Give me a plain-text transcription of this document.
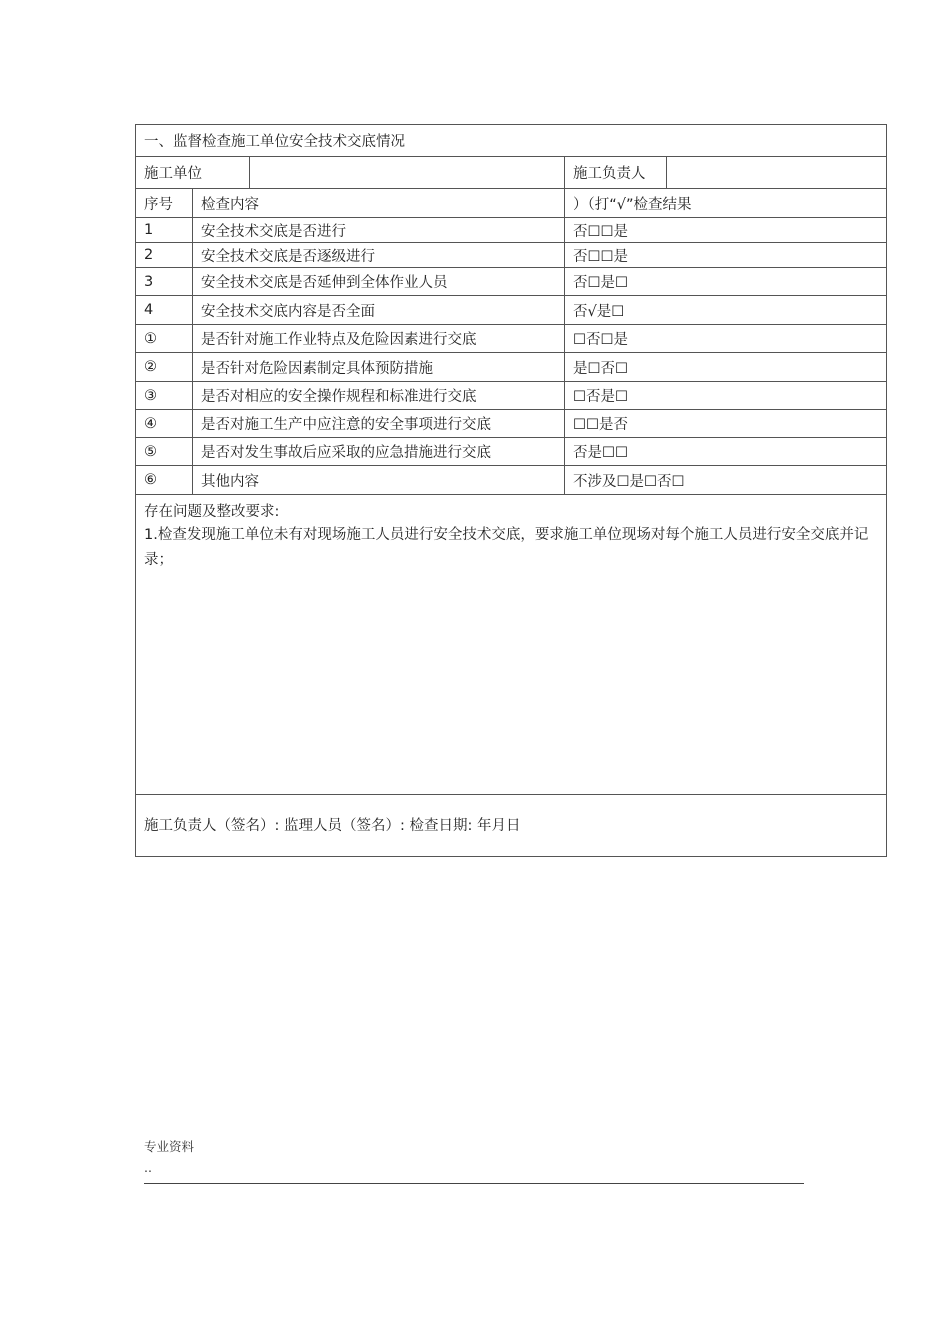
一、监督检查施工单位安全技术交底情况				
施工单位			施工负责人	
序号	检查内容		）（打“√”检查结果	
1	安全技术交底是否进行		否☐☐是	
2	安全技术交底是否逐级进行		否☐☐是	
3	安全技术交底是否延伸到全体作业人员		否☐是☐	
4	安全技术交底内容是否全面		否√是☐	
①	是否针对施工作业特点及危险因素进行交底		☐否☐是	
②	是否针对危险因素制定具体预防措施		是☐否☐	
③	是否对相应的安全操作规程和标准进行交底		☐否是☐	
④	是否对施工生产中应注意的安全事项进行交底		☐☐是否	
⑤	是否对发生事故后应采取的应急措施进行交底		否是☐☐	
⑥	其他内容		不涉及☐是☐否☐	

存在问题及整改要求:
1.检查发现施工单位未有对现场施工人员进行安全技术交底，要求施工单位现场对每个施工人员进行安全交底并记录；				

施工负责人（签名）: 监理人员（签名）: 检查日期: 年月日				
专业资料
..
